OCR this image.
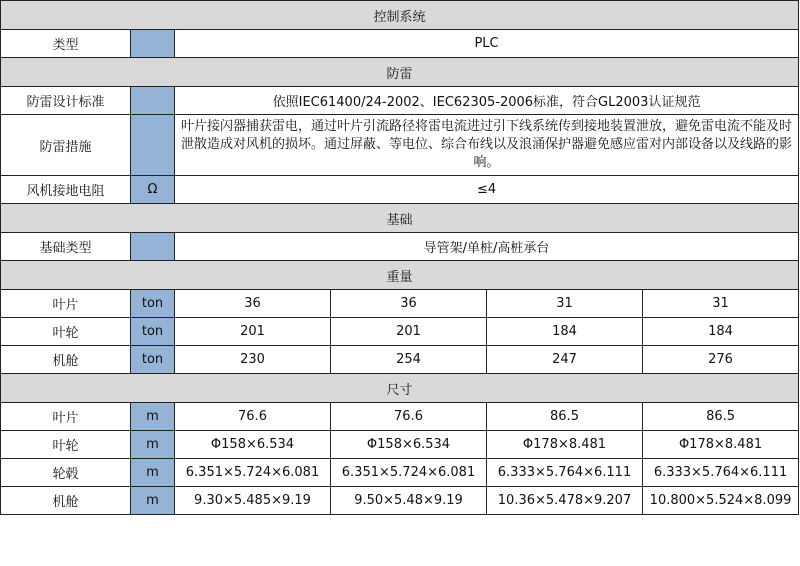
控制系统					
类型		PLC			
防雷					
防雷设计标准		依照IEC61400/24-2002、IEC62305-2006标准，符合GL2003认证规范			
防雷措施		叶片接闪器捕获雷电，通过叶片引流路径将雷电流进过引下线系统传到接地装置泄放，避免雷电流不能及时泄散造成对风机的损坏。通过屏蔽、等电位、综合布线以及浪涌保护器避免感应雷对内部设备以及线路的影响。			
风机接地电阻	Ω	≤4			
基础					
基础类型		导管架/单桩/高桩承台			
重量					
叶片	ton	36	36	31	31
叶轮	ton	201	201	184	184
机舱	ton	230	254	247	276
尺寸					
叶片	m	76.6	76.6	86.5	86.5
叶轮	m	Φ158×6.534	Φ158×6.534	Φ178×8.481	Φ178×8.481
轮毂	m	6.351×5.724×6.081	6.351×5.724×6.081	6.333×5.764×6.111	6.333×5.764×6.111
机舱	m	9.30×5.485×9.19	9.50×5.48×9.19	10.36×5.478×9.207	10.800×5.524×8.099
